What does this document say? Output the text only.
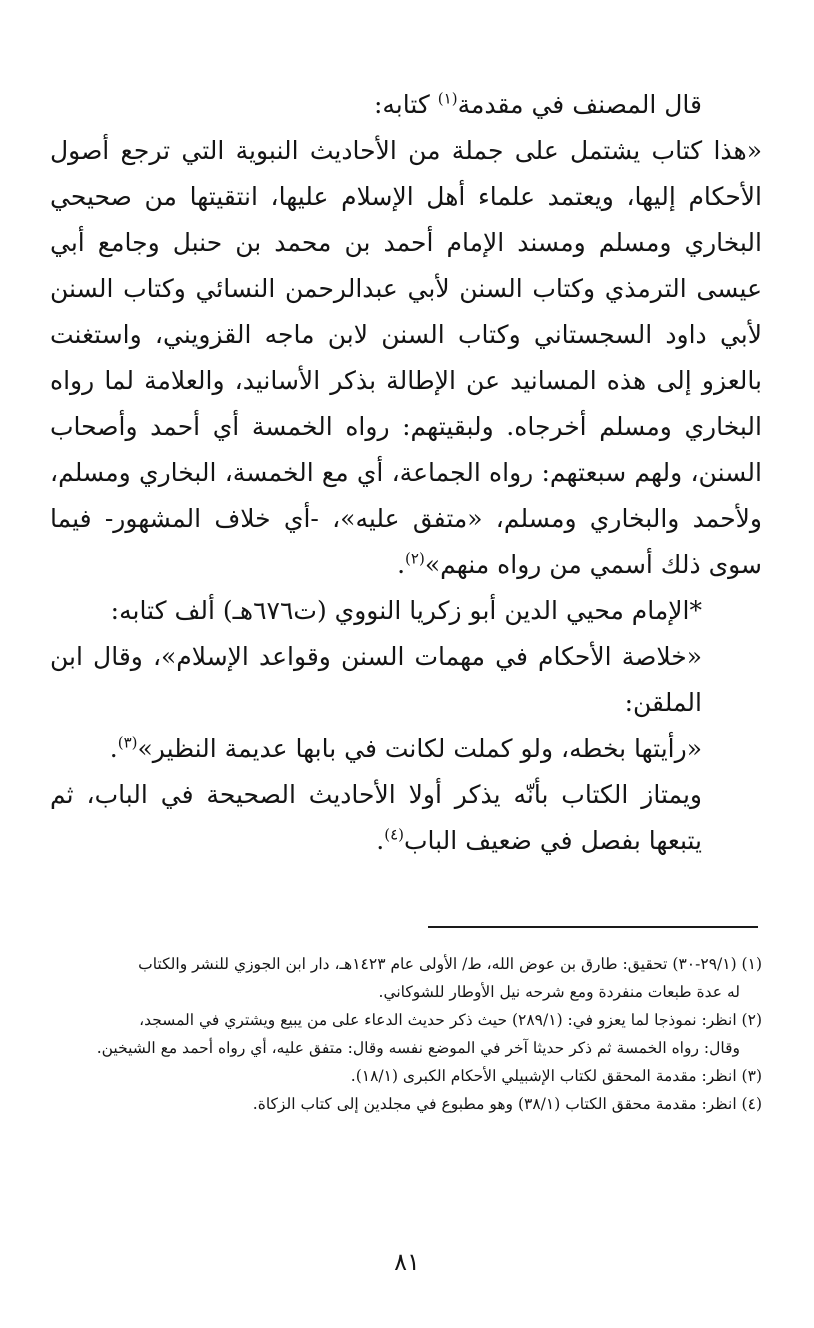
قال المصنف في مقدمة$^{(١)}$ كتابه:

«هذا كتاب يشتمل على جملة من الأحاديث النبوية التي ترجع أصول الأحكام إليها، ويعتمد علماء أهل الإسلام عليها، انتقيتها من صحيحي البخاري ومسلم ومسند الإمام أحمد بن محمد بن حنبل وجامع أبي عيسى الترمذي وكتاب السنن لأبي عبدالرحمن النسائي وكتاب السنن لأبي داود السجستاني وكتاب السنن لابن ماجه القزويني، واستغنت بالعزو إلى هذه المسانيد عن الإطالة بذكر الأسانيد، والعلامة لما رواه البخاري ومسلم أخرجاه. ولبقيتهم: رواه الخمسة أي أحمد وأصحاب السنن، ولهم سبعتهم: رواه الجماعة، أي مع الخمسة، البخاري ومسلم، ولأحمد والبخاري ومسلم، «متفق عليه»، -أي خلاف المشهور- فيما سوى ذلك أسمي من رواه منهم»$^{(٢)}$.

*الإمام محيي الدين أبو زكريا النووي (ت٦٧٦هـ) ألف كتابه:

«خلاصة الأحكام في مهمات السنن وقواعد الإسلام»، وقال ابن الملقن:

«رأيتها بخطه، ولو كملت لكانت في بابها عديمة النظير»$^{(٣)}$.

ويمتاز الكتاب بأنّه يذكر أولا الأحاديث الصحيحة في الباب، ثم يتبعها بفصل في ضعيف الباب$^{(٤)}$.

(١) (٢٩/١-٣٠) تحقيق: طارق بن عوض الله، ط/ الأولى عام ١٤٢٣هـ، دار ابن الجوزي للنشر والكتاب

له عدة طبعات منفردة ومع شرحه نيل الأوطار للشوكاني.

(٢) انظر: نموذجا لما يعزو في: (٢٨٩/١) حيث ذكر حديث الدعاء على من يبيع ويشتري في المسجد،

وقال: رواه الخمسة ثم ذكر حديثا آخر في الموضع نفسه وقال: متفق عليه، أي رواه أحمد مع الشيخين.

(٣) انظر: مقدمة المحقق لكتاب الإشبيلي الأحكام الكبرى (١٨/١).

(٤) انظر: مقدمة محقق الكتاب (٣٨/١) وهو مطبوع في مجلدين إلى كتاب الزكاة.

٨١
